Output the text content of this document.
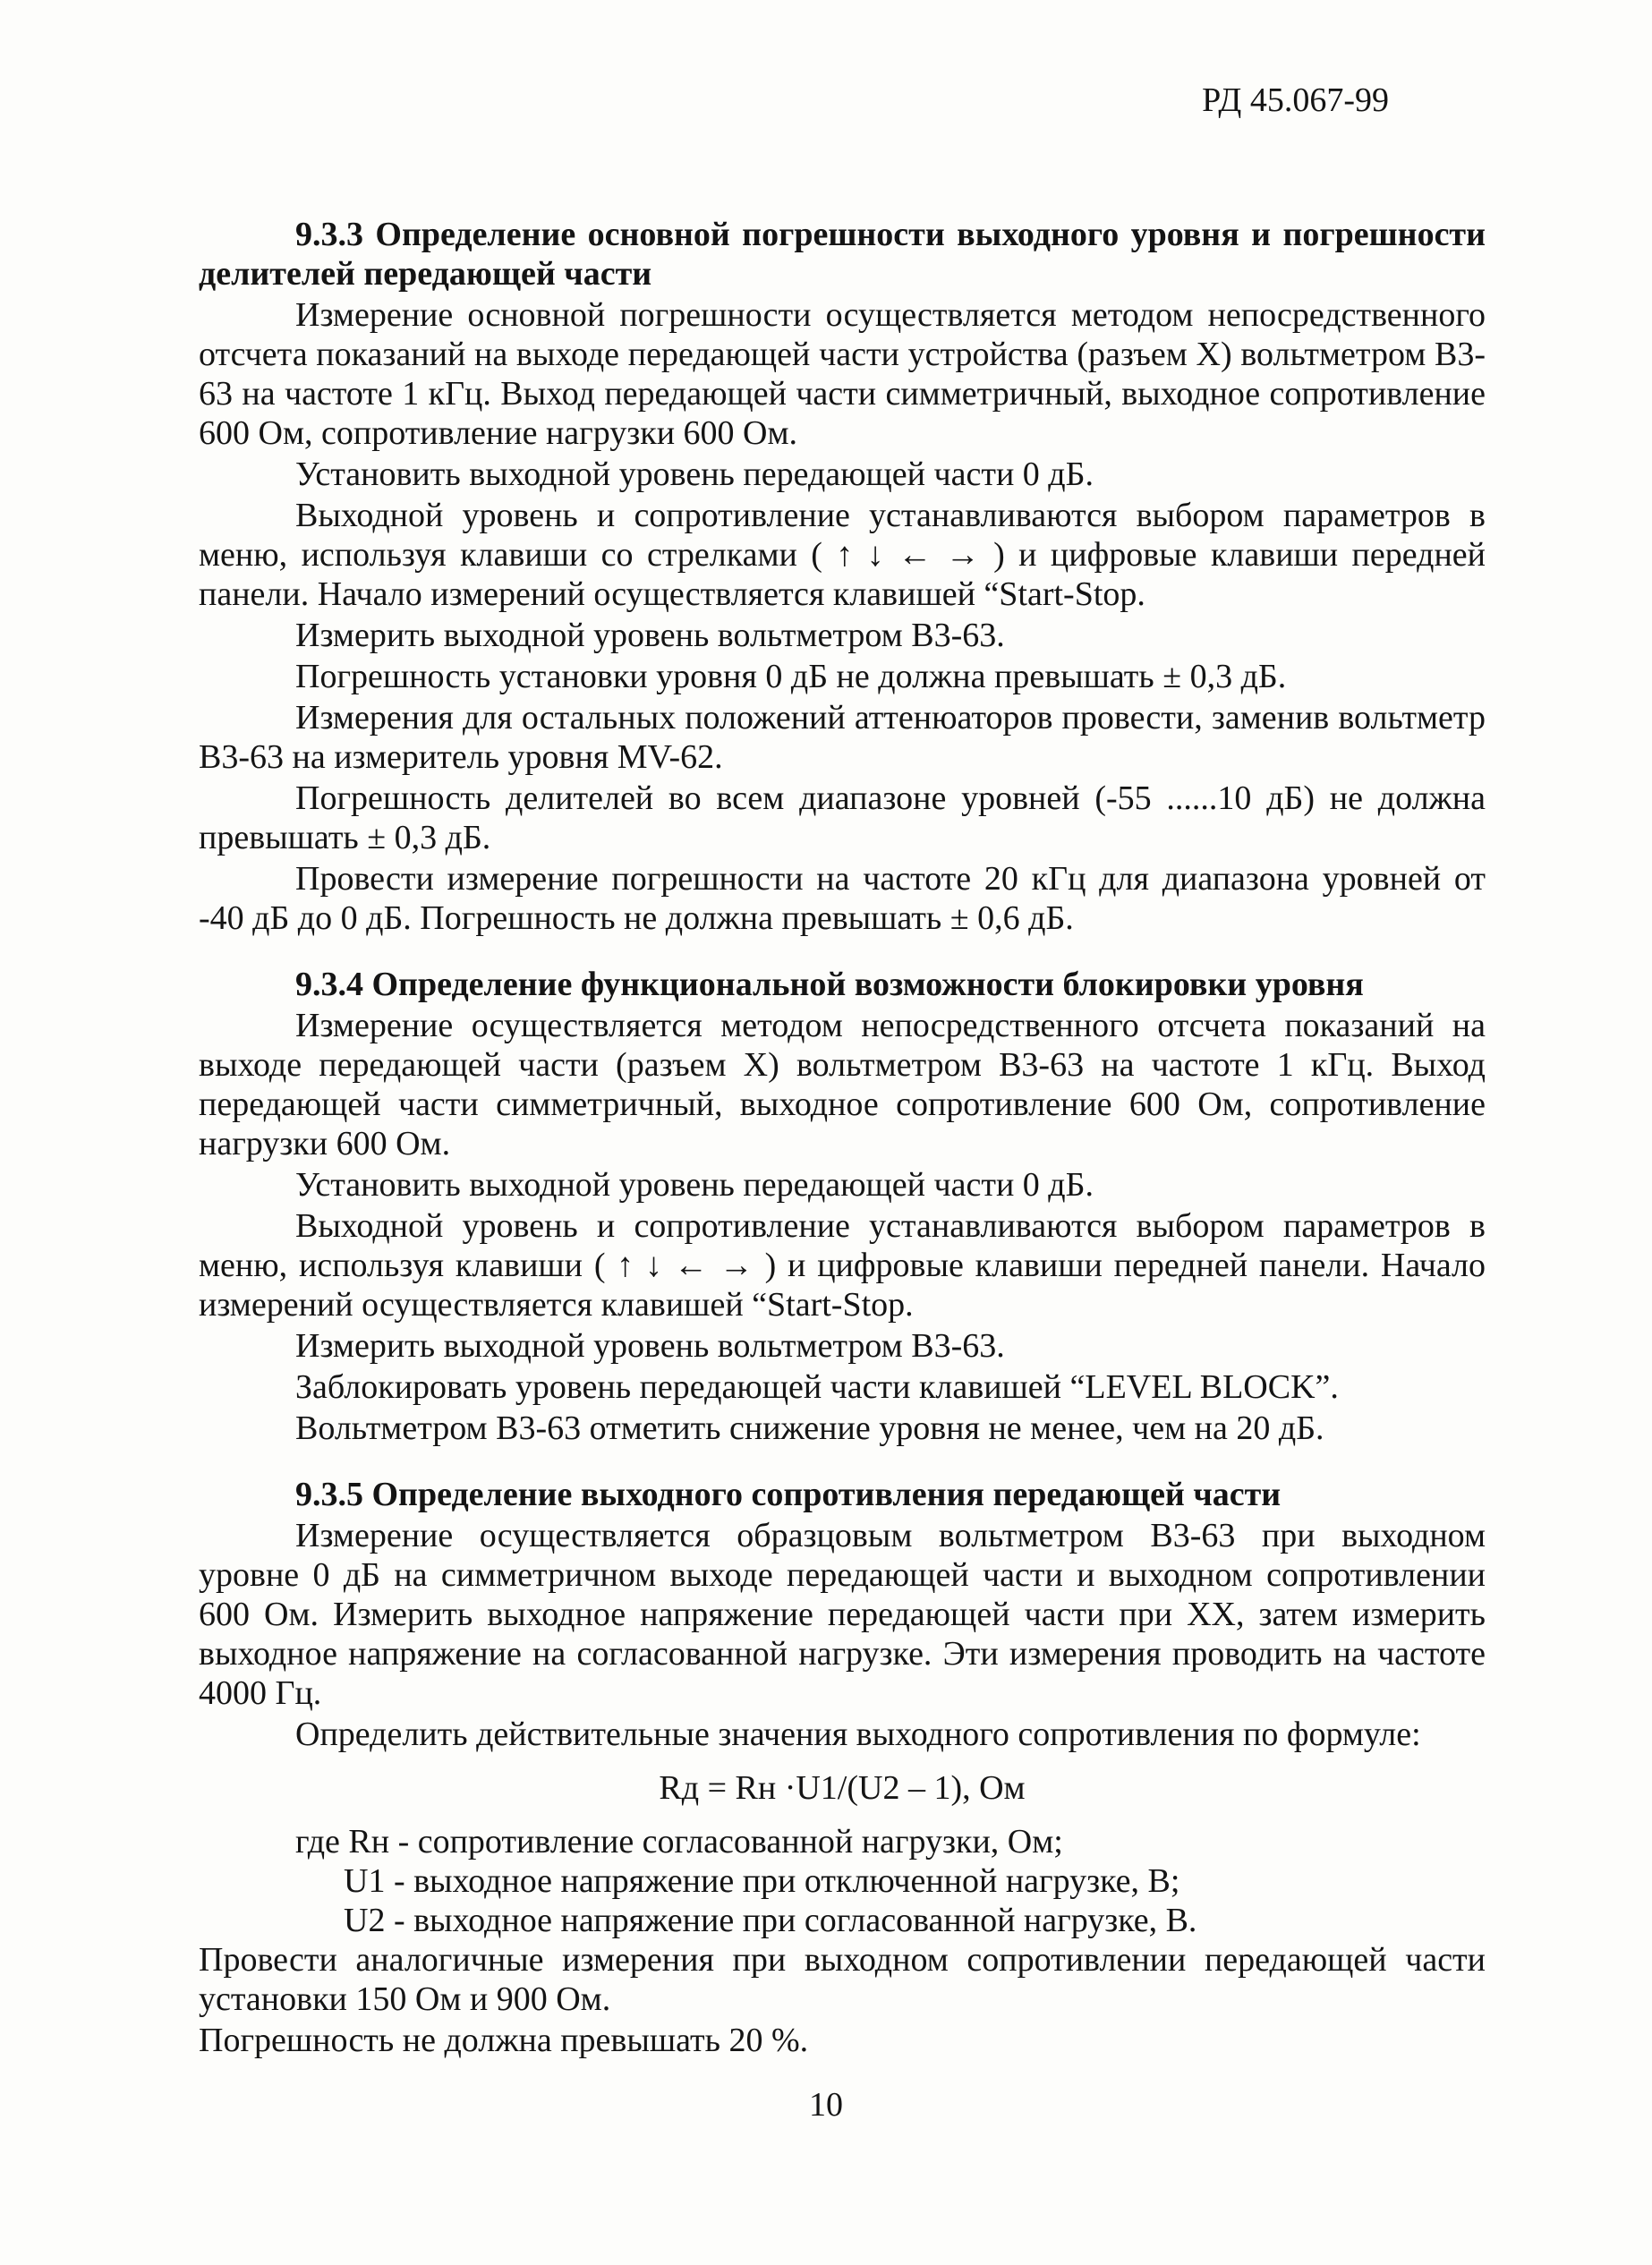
РД 45.067-99

9.3.3 Определение основной погрешности выходного уровня и погрешности делителей передающей части

Измерение основной погрешности осуществляется методом непосредственного отсчета показаний на выходе передающей части устройства (разъем X) вольтметром В3-63 на частоте 1 кГц. Выход передающей части симметричный, выходное сопротивление 600 Ом, сопротивление нагрузки 600 Ом.

Установить выходной уровень передающей части 0 дБ.

Выходной уровень и сопротивление устанавливаются выбором параметров в меню, используя клавиши со стрелками ( ↑ ↓ ← → ) и цифровые клавиши передней панели. Начало измерений осуществляется клавишей “Start-Stop.

Измерить выходной уровень вольтметром В3-63.

Погрешность установки уровня 0 дБ не должна превышать ± 0,3 дБ.

Измерения для остальных положений аттенюаторов провести, заменив вольтметр В3-63 на измеритель уровня MV-62.

Погрешность делителей во всем диапазоне уровней (-55 ......10 дБ) не должна превышать ± 0,3 дБ.

Провести измерение погрешности на частоте 20 кГц для диапазона уровней от -40 дБ до 0 дБ. Погрешность не должна превышать ± 0,6 дБ.

9.3.4 Определение функциональной возможности блокировки уровня

Измерение осуществляется методом непосредственного отсчета показаний на выходе передающей части (разъем X) вольтметром В3-63 на частоте 1 кГц. Выход передающей части симметричный, выходное сопротивление 600 Ом, сопротивление нагрузки 600 Ом.

Установить выходной уровень передающей части 0 дБ.

Выходной уровень и сопротивление устанавливаются выбором параметров в меню, используя клавиши ( ↑ ↓ ← → ) и цифровые клавиши передней панели. Начало измерений осуществляется клавишей “Start-Stop.

Измерить выходной уровень вольтметром В3-63.

Заблокировать уровень передающей части клавишей “LEVEL BLOCK”.

Вольтметром В3-63 отметить снижение уровня не менее, чем на 20 дБ.

9.3.5 Определение выходного сопротивления передающей части

Измерение осуществляется образцовым вольтметром В3-63 при выходном уровне 0 дБ на симметричном выходе передающей части и выходном сопротивлении 600 Ом. Измерить выходное напряжение передающей части при XX, затем измерить выходное напряжение на согласованной нагрузке. Эти измерения проводить на частоте 4000 Гц.

Определить действительные значения выходного сопротивления по формуле:

Rд = Rн ·U1/(U2 – 1), Ом

где Rн - сопротивление согласованной нагрузки, Ом;
U1 - выходное напряжение при отключенной нагрузке, В;
U2 - выходное напряжение при согласованной нагрузке, В.

Провести аналогичные измерения при выходном сопротивлении передающей части установки 150 Ом и 900 Ом.

Погрешность не должна превышать 20 %.

10
